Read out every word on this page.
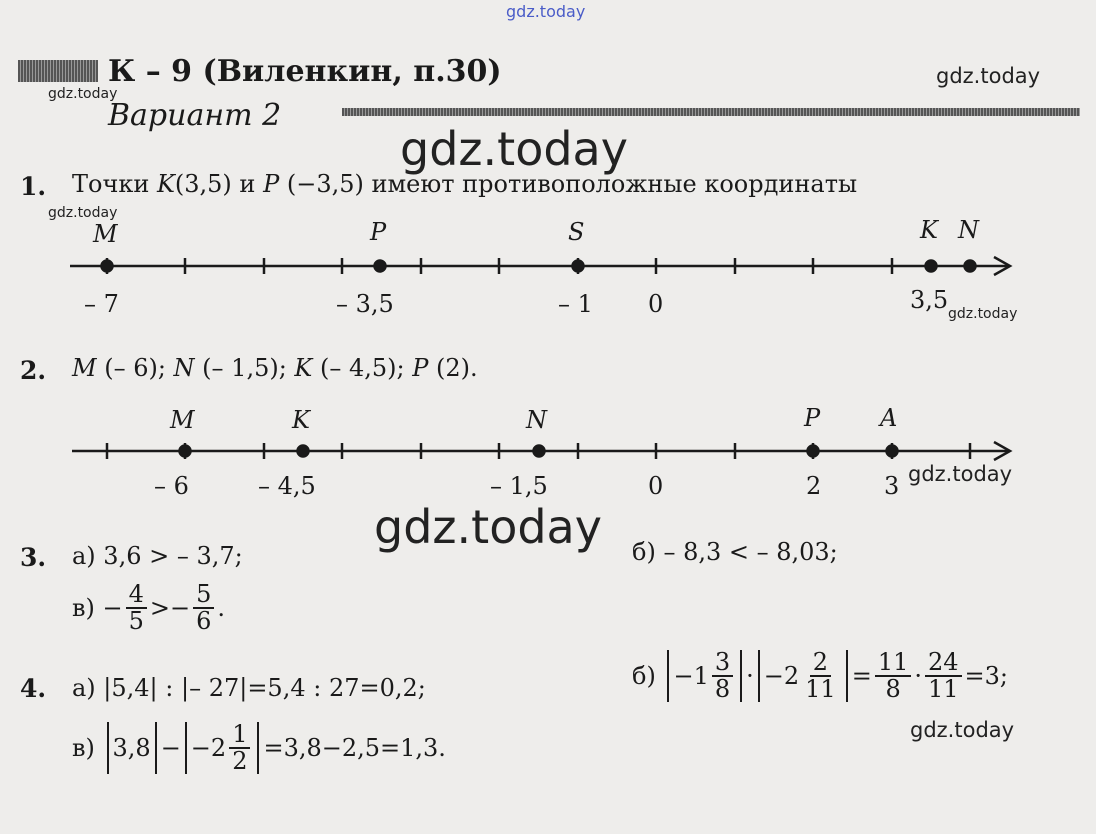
gdz.today
gdz.today
gdz.today
gdz.today
gdz.today
gdz.today
gdz.today
gdz.today
gdz.today
К – 9 (Виленкин, п.30)
Вариант 2
1. Точки K(3,5) и P (−3,5) имеют противоположные координаты
M	P	S	K N
– 7	– 3,5	– 1 0	3,5
2. M (– 6); N (– 1,5); K (– 4,5); P (2).
M	K	N	P A
– 6	– 4,5	– 1,5	0	2	3
3. а) 3,6 > – 3,7;	б) – 8,3 < – 8,03;
в)
− $\frac{4}{5} >- \frac{5}{6}$ .
4. а) |5,4| : |– 27|=5,4 : 27=0,2;	б)
$-1 \frac{3}{8} \cdot -2 \frac{2}{11} = \frac{11}{8} \cdot \frac{24}{11} =3$;
в)
$3,8 - -2 \frac{1}{2} =3,8-2,5=1,3$.
